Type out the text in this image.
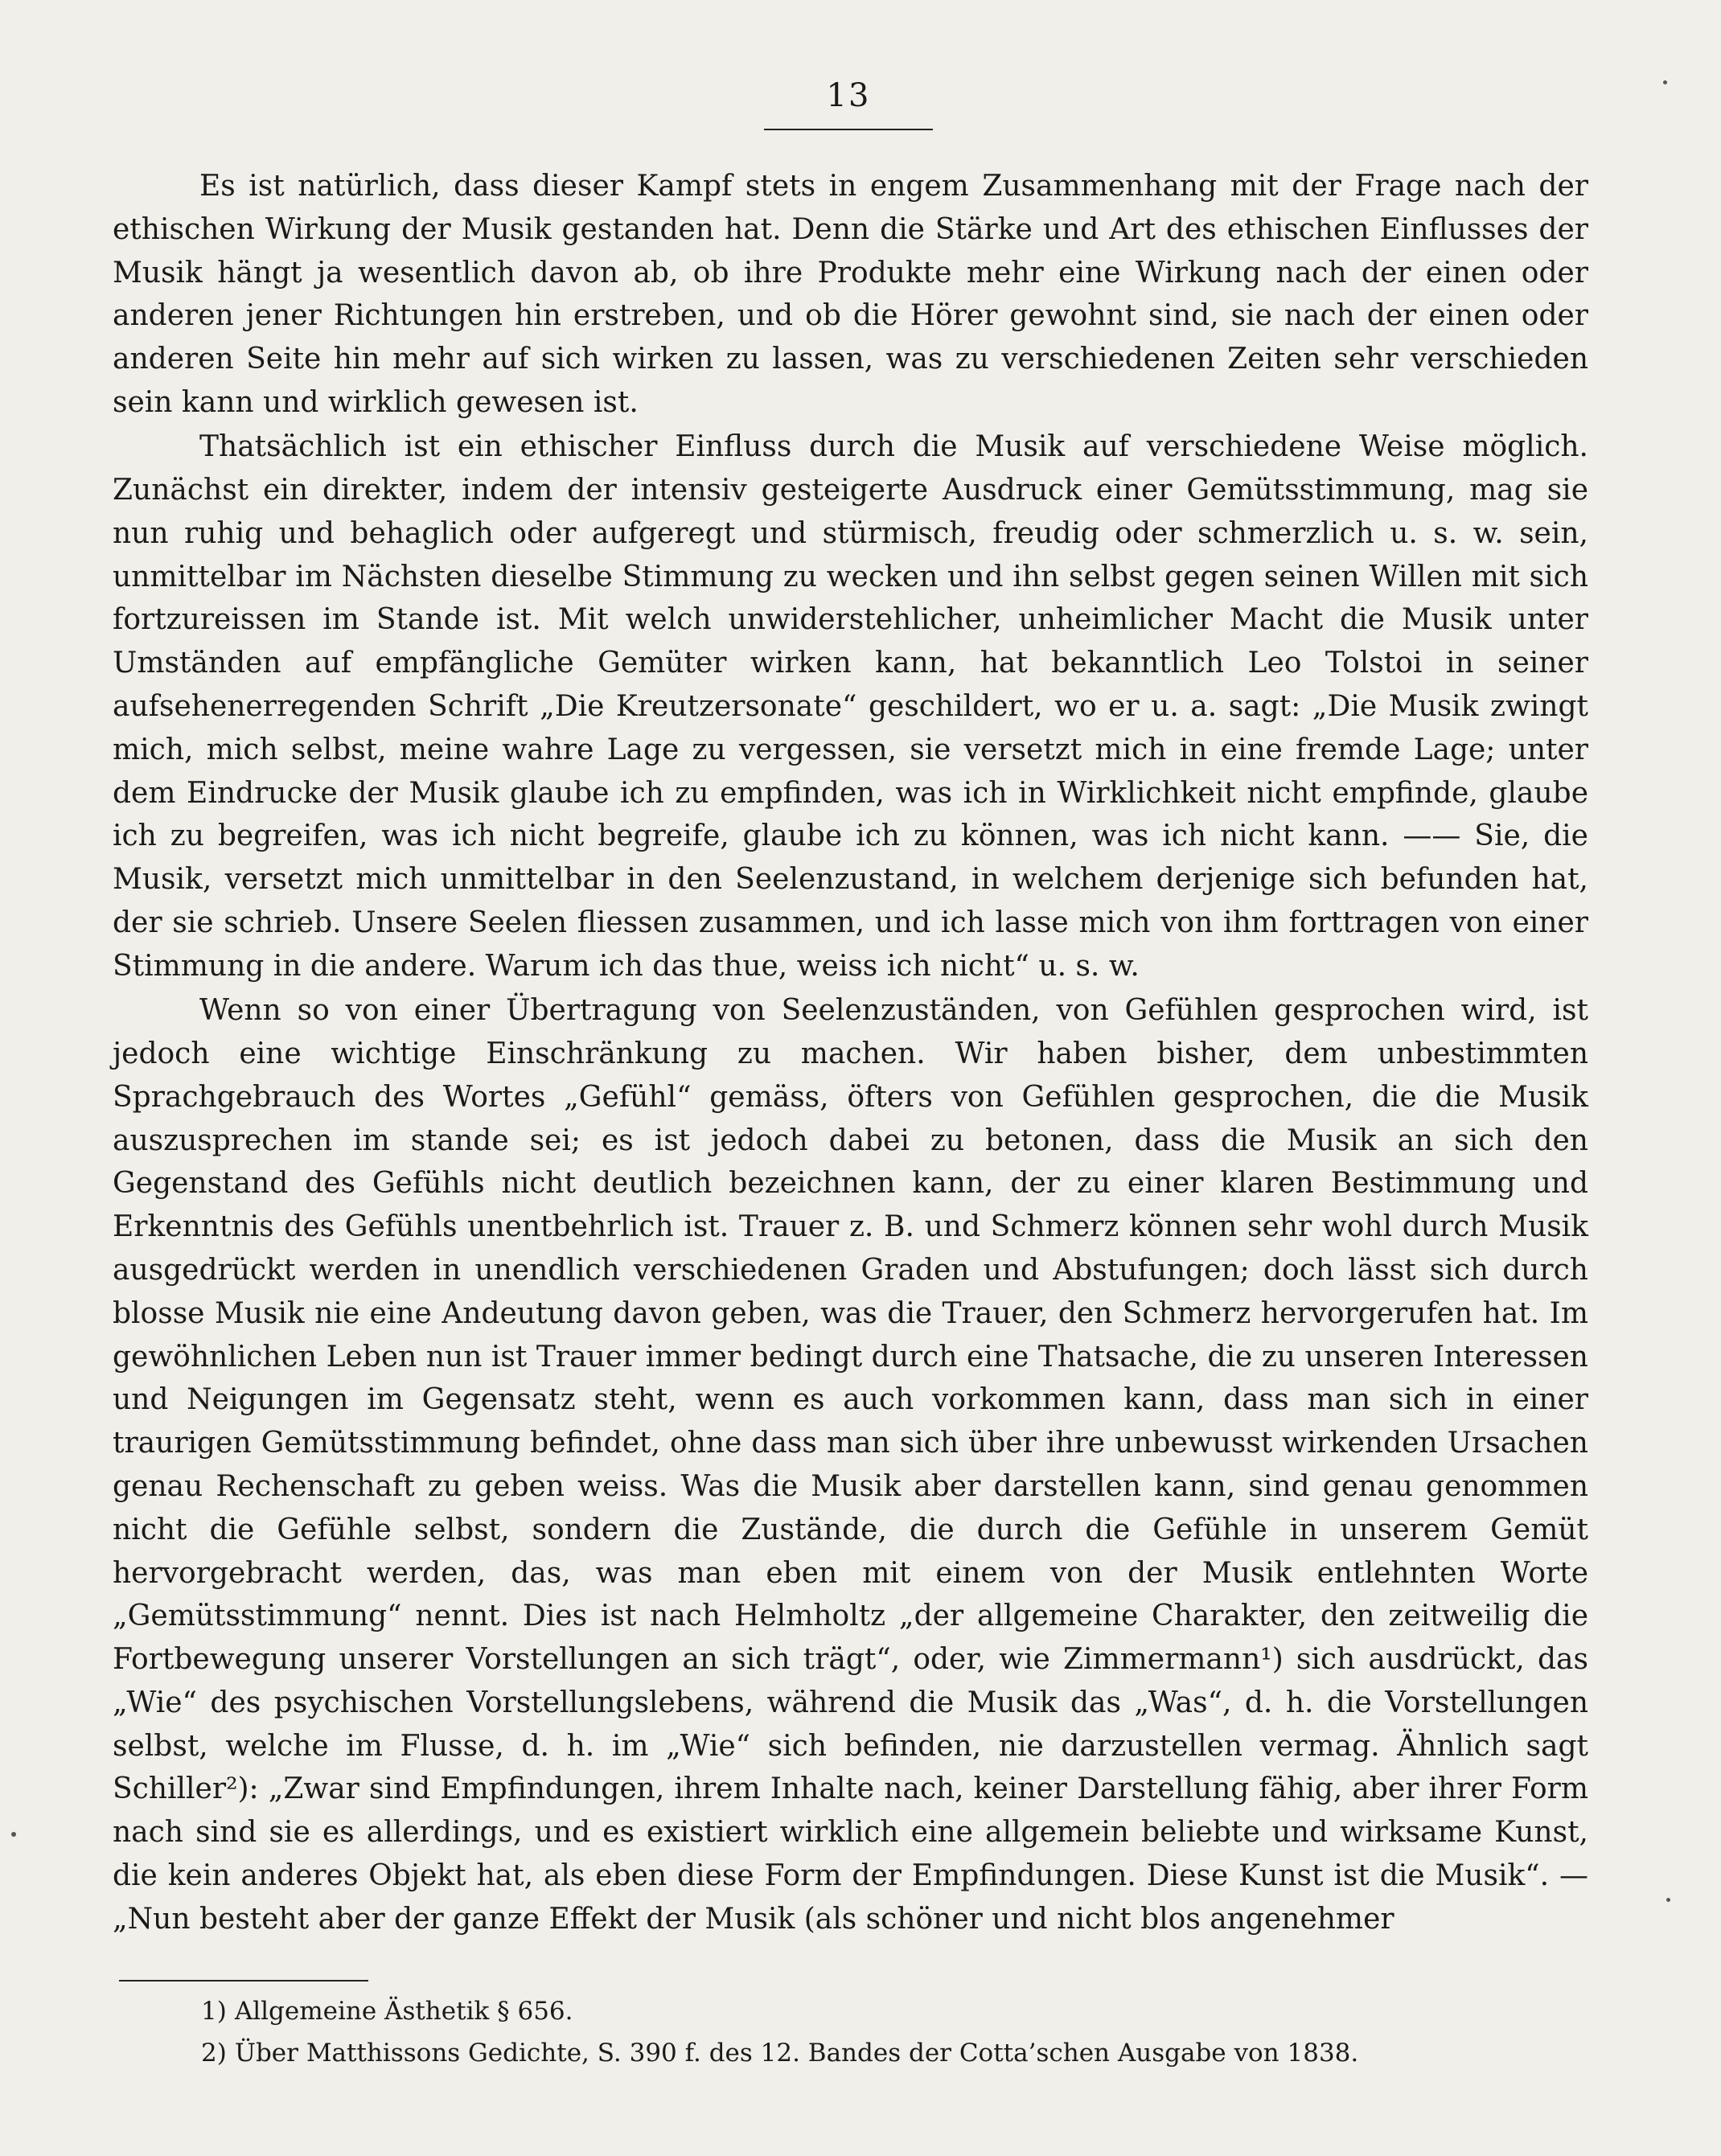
13

Es ist natürlich, dass dieser Kampf stets in engem Zusammenhang mit der Frage nach der ethischen Wirkung der Musik gestanden hat. Denn die Stärke und Art des ethischen Einflusses der Musik hängt ja wesentlich davon ab, ob ihre Produkte mehr eine Wirkung nach der einen oder anderen jener Richtungen hin erstreben, und ob die Hörer gewohnt sind, sie nach der einen oder anderen Seite hin mehr auf sich wirken zu lassen, was zu verschiedenen Zeiten sehr verschieden sein kann und wirklich gewesen ist.

Thatsächlich ist ein ethischer Einfluss durch die Musik auf verschiedene Weise möglich. Zunächst ein direkter, indem der intensiv gesteigerte Ausdruck einer Gemütsstimmung, mag sie nun ruhig und behaglich oder aufgeregt und stürmisch, freudig oder schmerzlich u. s. w. sein, unmittelbar im Nächsten dieselbe Stimmung zu wecken und ihn selbst gegen seinen Willen mit sich fortzureissen im Stande ist. Mit welch unwiderstehlicher, unheimlicher Macht die Musik unter Umständen auf empfängliche Gemüter wirken kann, hat bekanntlich Leo Tolstoi in seiner aufsehenerregenden Schrift „Die Kreutzersonate“ geschildert, wo er u. a. sagt: „Die Musik zwingt mich, mich selbst, meine wahre Lage zu vergessen, sie versetzt mich in eine fremde Lage; unter dem Eindrucke der Musik glaube ich zu empfinden, was ich in Wirklichkeit nicht empfinde, glaube ich zu begreifen, was ich nicht begreife, glaube ich zu können, was ich nicht kann. —— Sie, die Musik, versetzt mich unmittelbar in den Seelenzustand, in welchem derjenige sich befunden hat, der sie schrieb. Unsere Seelen fliessen zusammen, und ich lasse mich von ihm forttragen von einer Stimmung in die andere. Warum ich das thue, weiss ich nicht“ u. s. w.

Wenn so von einer Übertragung von Seelenzuständen, von Gefühlen gesprochen wird, ist jedoch eine wichtige Einschränkung zu machen. Wir haben bisher, dem unbestimmten Sprachgebrauch des Wortes „Gefühl“ gemäss, öfters von Gefühlen gesprochen, die die Musik auszusprechen im stande sei; es ist jedoch dabei zu betonen, dass die Musik an sich den Gegenstand des Gefühls nicht deutlich bezeichnen kann, der zu einer klaren Bestimmung und Erkenntnis des Gefühls unentbehrlich ist. Trauer z. B. und Schmerz können sehr wohl durch Musik ausgedrückt werden in unendlich verschiedenen Graden und Abstufungen; doch lässt sich durch blosse Musik nie eine Andeutung davon geben, was die Trauer, den Schmerz hervorgerufen hat. Im gewöhnlichen Leben nun ist Trauer immer bedingt durch eine Thatsache, die zu unseren Interessen und Neigungen im Gegensatz steht, wenn es auch vorkommen kann, dass man sich in einer traurigen Gemütsstimmung befindet, ohne dass man sich über ihre unbewusst wirkenden Ursachen genau Rechenschaft zu geben weiss. Was die Musik aber darstellen kann, sind genau genommen nicht die Gefühle selbst, sondern die Zustände, die durch die Gefühle in unserem Gemüt hervorgebracht werden, das, was man eben mit einem von der Musik entlehnten Worte „Gemütsstimmung“ nennt. Dies ist nach Helmholtz „der allgemeine Charakter, den zeitweilig die Fortbewegung unserer Vorstellungen an sich trägt“, oder, wie Zimmermann¹) sich ausdrückt, das „Wie“ des psychischen Vorstellungslebens, während die Musik das „Was“, d. h. die Vorstellungen selbst, welche im Flusse, d. h. im „Wie“ sich befinden, nie darzustellen vermag. Ähnlich sagt Schiller²): „Zwar sind Empfindungen, ihrem Inhalte nach, keiner Darstellung fähig, aber ihrer Form nach sind sie es allerdings, und es existiert wirklich eine allgemein beliebte und wirksame Kunst, die kein anderes Objekt hat, als eben diese Form der Empfindungen. Diese Kunst ist die Musik“. — „Nun besteht aber der ganze Effekt der Musik (als schöner und nicht blos angenehmer

1) Allgemeine Ästhetik § 656.
2) Über Matthissons Gedichte, S. 390 f. des 12. Bandes der Cotta’schen Ausgabe von 1838.
